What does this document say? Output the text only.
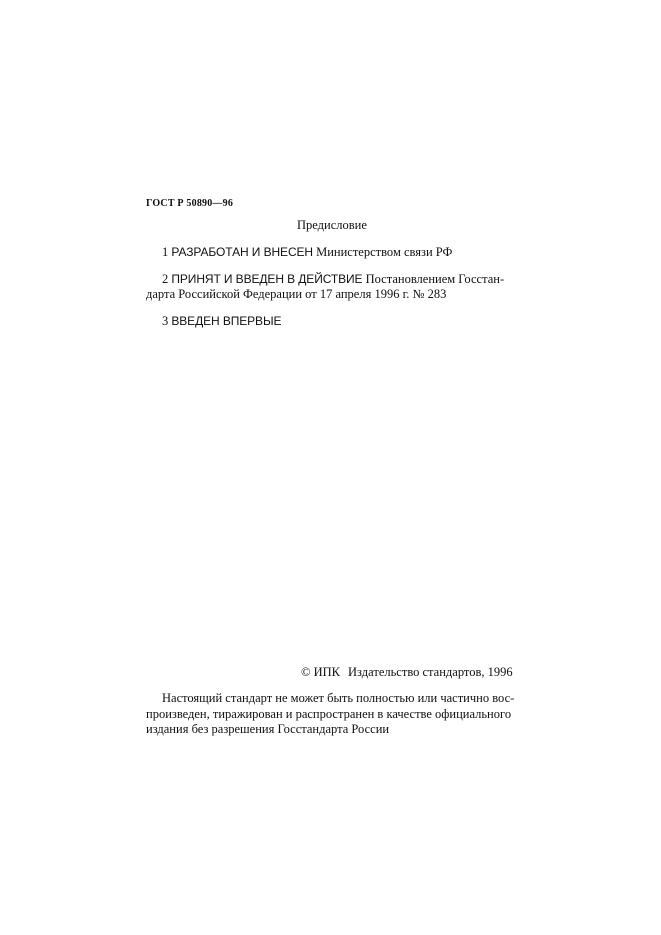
ГОСТ Р 50890—96
Предисловие
1 РАЗРАБОТАН И ВНЕСЕН Министерством связи РФ
2 ПРИНЯТ И ВВЕДЕН В ДЕЙСТВИЕ Постановлением Госстан-
дарта Российской Федерации от 17 апреля 1996 г. № 283
3 ВВЕДЕН ВПЕРВЫЕ
© ИПК Издательство стандартов, 1996
Настоящий стандарт не может быть полностью или частично вос-
произведен, тиражирован и распространен в качестве официального
издания без разрешения Госстандарта России
